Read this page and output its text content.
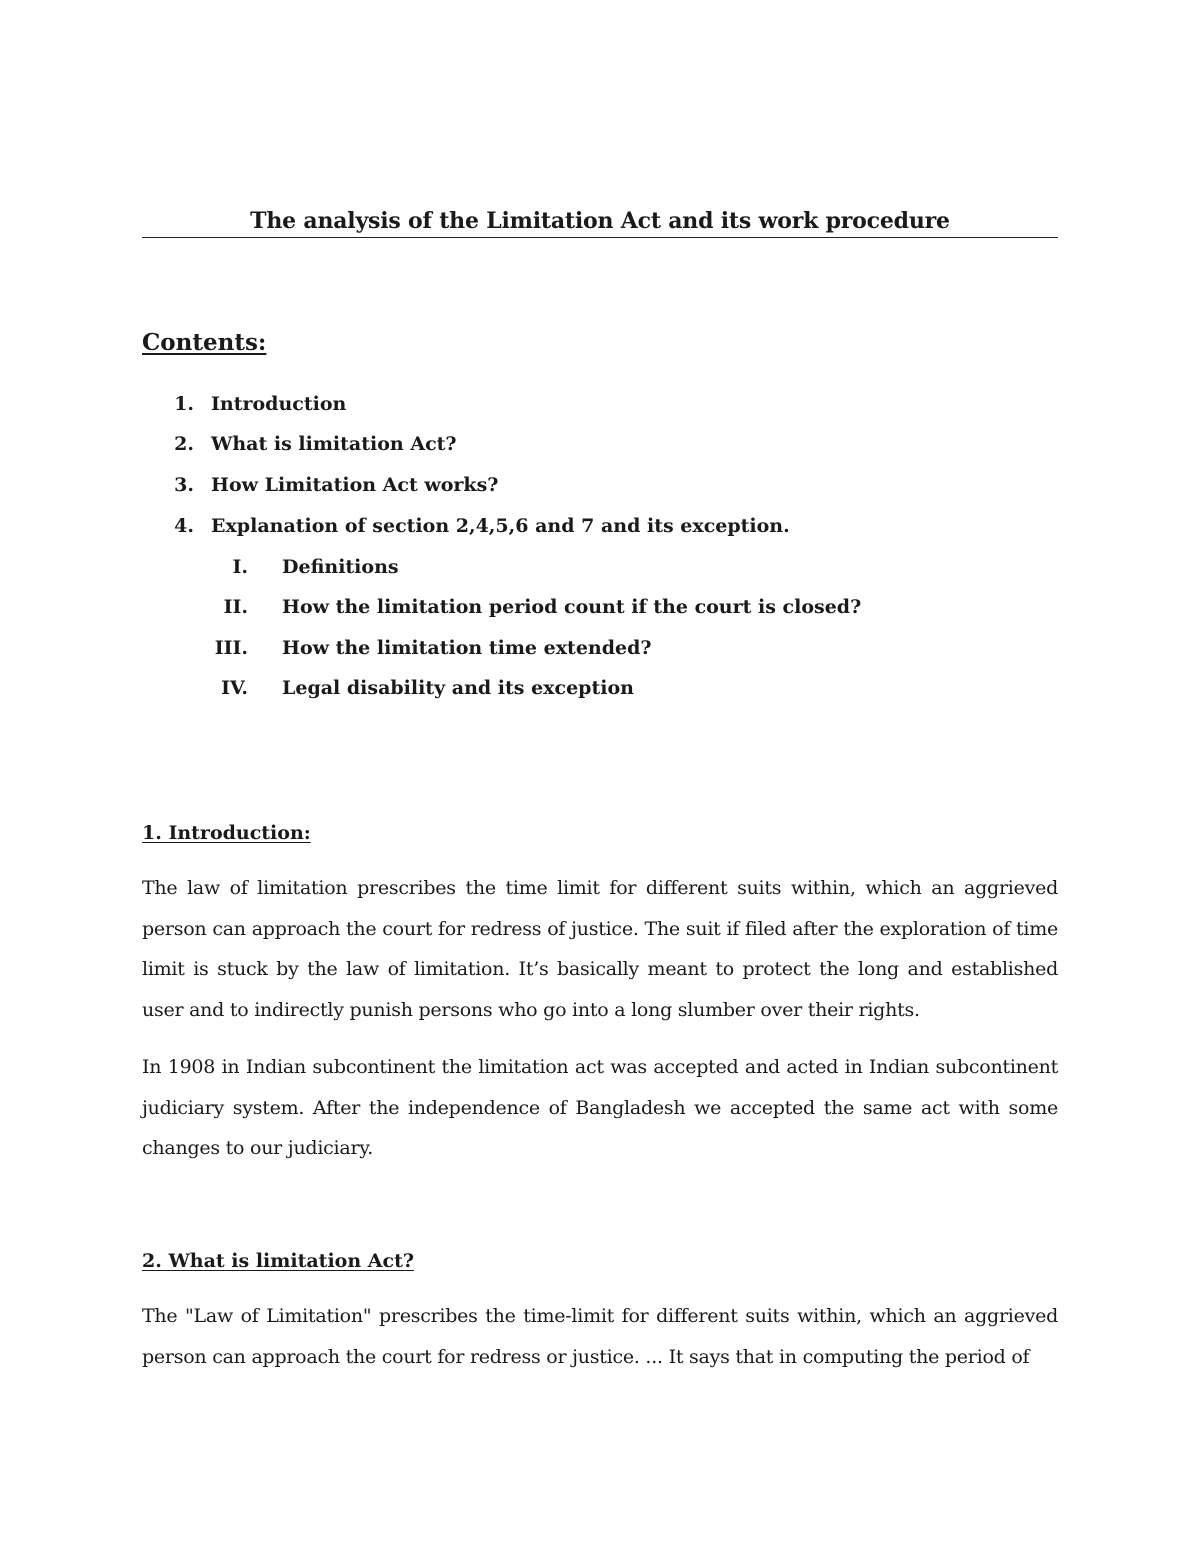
The analysis of the Limitation Act and its work procedure
Contents:
1. Introduction
2. What is limitation Act?
3. How Limitation Act works?
4. Explanation of section 2,4,5,6 and 7 and its exception.
I. Definitions
II. How the limitation period count if the court is closed?
III. How the limitation time extended?
IV. Legal disability and its exception
1. Introduction:
The law of limitation prescribes the time limit for different suits within, which an aggrieved person can approach the court for redress of justice. The suit if filed after the exploration of time limit is stuck by the law of limitation. It’s basically meant to protect the long and established user and to indirectly punish persons who go into a long slumber over their rights.
In 1908 in Indian subcontinent the limitation act was accepted and acted in Indian subcontinent judiciary system. After the independence of Bangladesh we accepted the same act with some changes to our judiciary.
2. What is limitation Act?
The "Law of Limitation" prescribes the time-limit for different suits within, which an aggrieved person can approach the court for redress or justice. ... It says that in computing the period of
